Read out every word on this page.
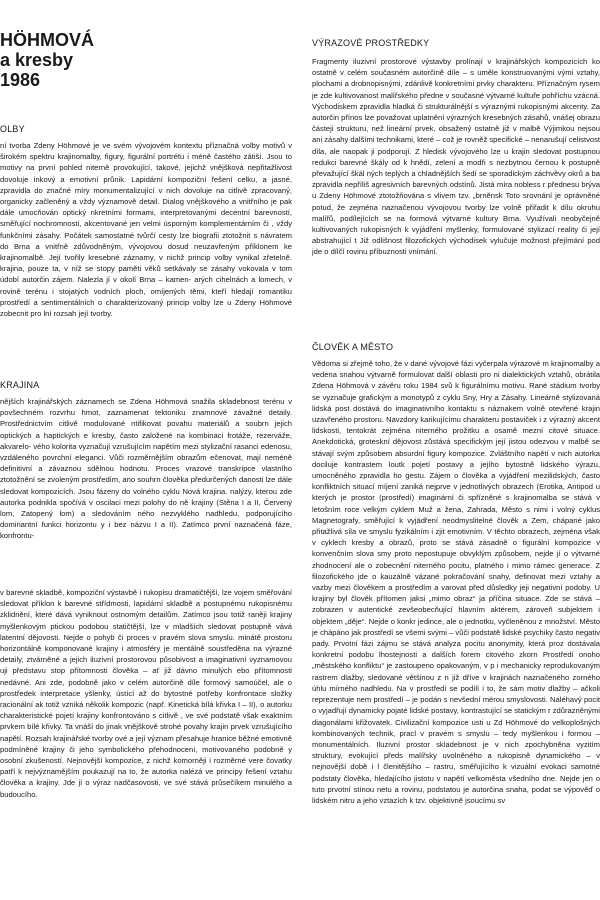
HÖHMOVÁ
a kresby
1986

OLBY

ní tvorba Zdeny Höhmové je ve svém vývojovém kontextu příznačná volby motivů v širokém spektru krajinomalby, figury, figurální portrétu i méně častého zátiší. Jsou to motivy na první pohled niterně provokující, takové, jejichž vnějšková nepřitažlivost dovoluje ínkový a emotivní průnik. Lapidární kompoziční řešení celku, a jasné, zpravidla do značné míry monumentalizující v nich dovoluje na citlivě zpracovaný, organicky začleněný a vždy významově detail. Dialog vnějškového a vnitřního je pak dále umocňován optický nkretními formami, interpretovanými decentní barevností, směřující nochromnosti, akcentované jen velmi úsporným komplementárním či , vždy funkčními zásahy. Počátek samostatné tvůrčí cesty lze biografii ztotožnit s návratem do Brna a vnitřně zdůvodněným, vývojovou dosud neuzavřeným příklonem ke krajinomalbě. Její tvořily kresebné záznamy, v nichž princip volby vynikal zřetelně. krajina, pouze ta, v níž se stopy paměti věků setkávaly se zásahy vokovala v tom údobí autorčin zájem. Nalezla jí v okolí Brna – kamen- arých cihelnách a lomech, v rovině terénu i stojatých vodních ploch, omíjených těmi, kteří hledají romantiku prostředí a sentimentálních o charakterizovaný princip volby lze u Zdeny Höhmové zobecnit pro lní rozsah její tvorby.

KRAJINA

nějších krajinářských záznamech se Zdena Höhmová snažila skladebnost terénu v povšechném rozvrhu hmot, zaznamenat tektoniku znamnové závažné detaily. Prostřednictvím citlivě modulované ntifikovat povahu materiálů a soubrn jejich optických a haptických e kresby, často založené na kombinaci frotáže, rezerváže, akvarelo- vého kolorita vyznačují vzrušujícím napětím mezi stylizační rasanci edenosu, vzdáleného povrchní eleganci. Vůči rozměrnějším obrazům ečenovat, mají neméně definitivní a závaznou sdělnou hodnotu. Proces vrazové transkripce vlastního ztotožnění se zvoleným prostředím, ano souhrn člověka předurčených danosti lze dále sledovat kompozicích. Jsou fázeny do volného cyklu Nová krajina. nalýzy, kterou zde autorka podnikla spočívá v oscilaci mezi polohy do ně krajiny (Stěna I a II, Červený lom, Zatopený lom) a sledováním ného nezvyklého nadhledu, podporujícího dominantní funkci horizontu y i bez názvu I a II). Zatímco první naznačená fáze, konfrontu-

v barevné skladbě, kompoziční výstavbě i rukopisu dramatičtější, lze vojem směřování sledovat příklon k barevné střídmosti, lapidární skladbě a postupnému rukopisnému zklidnění, které dává vyniknout ostnomým detailům. Zatímco jsou totiž raněji krajiny myšlenkovým ptickou podobou statičtější, lze v mladších sledovat postupně vává latentní dějovosti. Nejde o pohyb či proces v pravém slova smyslu. minátě prostoru horizontálně komponované krajiny i atmosféry je mentálně soustředěna na výrazné detaily, ztvárněné a jejich iluzivní prostorovou působivost a imaginativní vyznamovou uji představu stop přítomnosti člověka – ať již dávno minulých ebo přítomnosti nedávné. Ani zde, podobně jako v celém autorčině díle formový samoúčel, ale o prostředek interpretace yšlenky, ústící až do bytostné potřeby konfrontace složky racionální ak totiž vzniká několik kompozic (např. Kinetická bílá křivka I – II), o autorku charakteristické pojetí krajiny konfrontováno s citlivě , ve své podstatě však exaktním prvkem bílé křivky. Ta vnáší do jinak vnějškově strohé povahy krajin prvek vzrušujícího napětí. Rozsah krajinářské tvorby ové a její význam přesahuje hranice běžné emotivně podmíněné krajiny či jeho symbolického přehodnocení, motivovaného podobně y osobní zkušeností. Nejnovější kompozice, z nichž komorněji i rozměrné vere čovatky patří k nejvýznamějším poukazují na to, že autorka nalézá ve principy řešení vztahu člověka a krajiny. Jde jí o výraz nadčasovosti, ve své stává průsečíkem minulého a budoucího.

VÝRAZOVÉ PROSTŘEDKY

Fragmenty iluzivní prostorové výstavby prolínají v krajinářských kompozicích ko ostatně v celém současném autorčině díle – s uměle konstruovanými vými vztahy, plochami a drobnopisnými, zdánlivě konkretními prvky charakteru. Příznačným rysem je zde kultivovanost malířského předne v současné výtvarné kultuře pohříchu vzácná. Východiskem zpravidla hladká či strukturálnější s výraznými rukopisnými akcenty. Za autorčin přínos lze považovat uplatnění výrazných kresebných zásahů, vnášej obrazu částeji strukturu, než lineární prvek, obsažený ostatně již v malbě Výjimkou nejsou ani zásahy dalšími technikami, které – což je rovněž specifické – nenarušují celistvost díla, ale naopak ji podporují. Z hledisk vývojového lze u krajin sledovat postupnou redukci barevné škály od k hnědí, zelení a modři s nezbytnou černou k postupně převažující škál ných teplých a chladnějších šedí se sporadickým záchvěvy okrů a ba zpravidla nepříliš agresivních barevných odstínů. Jistá míra nobless r přednesu brýva u Zdeny Höhmové ztotožňována s vlivem tzv. „brněnsk Toto srovnání je oprávněné potud, že zejména naznačenou vývojovou tvorby lze volně přiřadit k dílu okruhu malířů, podílejících se na formová výtvarné kultury Brna. Využívali neobyčejně kultivovaných rukopisných k vyjádření myšlenky, formulované stylizací reality či její abstrahující t Již odlišnost filozofických východisek vylučuje možnost přejímání pod jde o dílčí rovinu příbuznosti vnímání.

ČLOVĚK A MĚSTO

Vědoma si zřejmě toho, že v dané vývojové fázi vyčerpala výrazové m krajinomalby a vedena snahou výtvarně formulovat další oblasti pro ni dialektických vztahů, obrátila Zdena Höhmová v závěru roku 1984 svů k figurálnímu motivu. Rané stádium tvorby se vyznačuje grafickým a monotypů z cyklu Sny, Hry a Zásahy. Lineárně stylizovaná lidská post dostává do imaginativního kontaktu s náznakem volně otevřené krajin uzavřeného prostoru. Navzdory karikujícímu charakteru postaviček i z výrazný akcent lidskosti, tentokrát zejména niterného prožitku a osamě mezní citové situace. Anekdotická, groteskní dějovost zůstává specifickým její jistou odezvou v malbě se stávají svým způsobem absurdní figury kompozice. Zvláštního napětí v nich autorka dociluje kontrastem loutk pojetí postavy a jejího bytostně lidského výrazu, umocněného zpravidla ho gestu. Zájem o člověka a vyjádření mezilidských, často konfliktních situací míjení zaniká nejprve v jednotlivých obrazech (Erotika, Antipod u kterých je prostor (prostředí) imaginární či spřízněné s krajinomalba se stává v letošním roce velkým cyklem Muž a žena, Zahrada, Město s nimi i volný cyklus Magnetografy, směřující k vyjádření neodmyslitelné člověk a Zem, chápané jako přitažlivá síla ve smyslu fyzikálním i zjit emotivním. V těchto obrazech, zejména však v cyklech kresby a obrazů, proto se stává zásadně o figurální kompozice v konvenčním slova smy proto nepostupuje obvyklým způsobem, nejde jí o výtvarné zhodnocení ale o zobecnění niterného pocitu, platného i mimo rámec generace. Z filozofického jde o kauzálně vázané pokračování snahy, definovat mezi vztahy a vazby mezi člověkem a prostředím a varovat před důsledky jeji negativní podoby. U krajiny byl člověk přítomen jaksi „mimo obraz“ ja příčina situace. Zde se stává – zobrazen v autentické zevšeobecňující hlavním aktérem, zároveň subjektem i objektem „děje“. Nejde o konkr jedince, ale o jednotku, vyčleněnou z množství. Město je chápáno jak prostředí se všemi svými – vůči podstatě lidské psychiky často negativ pady. Prvotní fázi zájmu se stává analyza pocitu anonymity, která proz dostávala konkretní podobu lhostejnosti a dalších forem citového zkorn Prostředí onoho „městského konfliktu“ je zastoupeno opakovaným, v p i mechanicky reprodukovaným rastrem dlažby, sledované většinou z n již dříve v krajinách naznačeného zorného úhlu mírného nadhledu. Na v prostředí se podílí i to, že sám motiv dlažby – ačkoli reprezentuje nem prostředí – je podán s nevšední mérou smyslovosti. Naléhavý pocit o vyjadřují dynamicky pojaté lidské postavy, kontrastující se statickým r zdůrazněnými diagonálami křižovatek. Civilizační kompozice usti u Zd Höhmové do velkoplošných kombinovaných technik, pracl v pravém s smyslu – tedy myšlenkou i formou – monumentálních. Iluzivní prostor skladebnost je v nich zpochybněna vyzitím struktury, evokující předs malířsky uvolněného a rukopisně dynamického – v nejnovější době i l členitějšího – rastru, směřujícího k vizuální evokaci samotné podstaty člověka, hledajícího jistotu v napětí velkoměsta všedního dne. Nejde jen o tuto prvotní stínou netu a rovinu, podstatou je autorčina snaha, podat se výpověď o lidském nitru a jeho vztazích k tzv. objektivně jsoucímu sv
